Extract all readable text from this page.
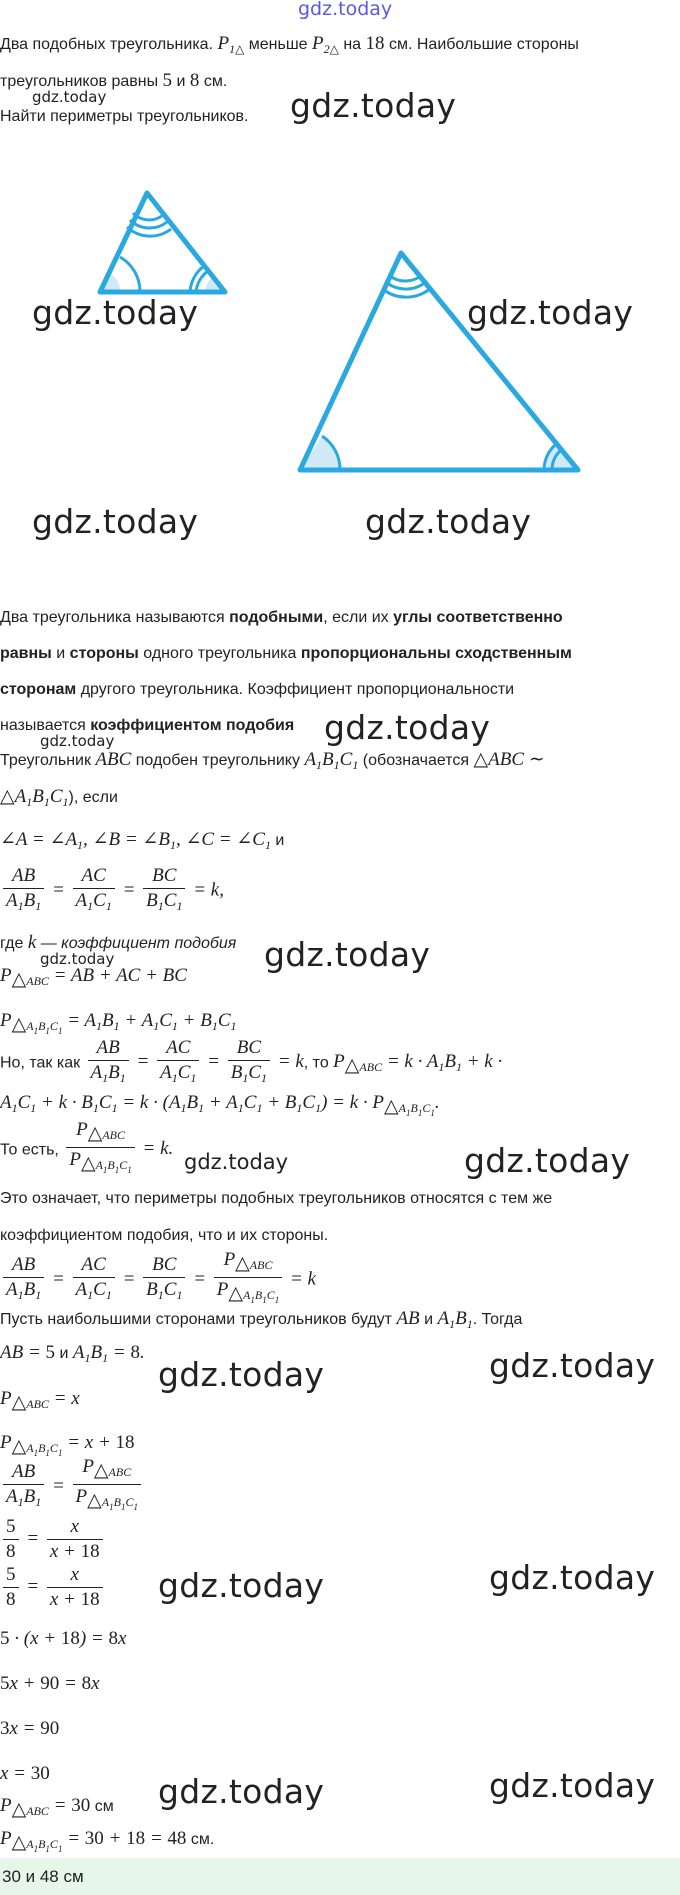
gdz.today
Два подобных треугольника. $P_{1\triangle}$ меньше $P_{2\triangle}$ на 18 см. Наибольшие стороны
треугольников равны 5 и 8 см.
gdz.today
Найти периметры треугольников. gdz.today
gdz.today	gdz.today
gdz.today	gdz.today
Два треугольника называются подобными, если их углы соответственно
равны и стороны одного треугольника пропорциональны сходственным
сторонам другого треугольника. Коэффициент пропорциональности
называется коэффициентом подобия
gdz.today	gdz.today
Треугольник ABC подобен треугольнику $A_1B_1C_1$ (обозначается △ABC ∼
$\triangle A_1B_1C_1$), если
∠A = $\angle A_1$, ∠B = $\angle B_1$, ∠C = $\angle C_1$ и
$\frac{AB}{A_1B_1} = \frac{AC}{A_1C_1} = \frac{BC}{B_1C_1} = k$,
где k — коэффициент подобия
gdz.today	gdz.today
$P_{\triangle ABC}$ = AB + AC + BC
$P_{\triangle A_1B_1C_1} = A_1B_1 + A_1C_1 + B_1C_1$
Но, так как $\frac{AB}{A_1B_1} = \frac{AC}{A_1C_1} = \frac{BC}{B_1C_1} = k$, то $P_{\triangle ABC} = k \cdot A_1B_1 + k$ ·
$A_1C_1 + k \cdot B_1C_1 = k \cdot (A_1B_1 + A_1C_1 + B_1C_1) = k \cdot P_{\triangle A_1B_1C_1}$.
То есть, $\frac{P_{\triangle ABC}}{P_{\triangle A_1B_1C_1}} = k$.
gdz.today	gdz.today
Это означает, что периметры подобных треугольников относятся с тем же
коэффициентом подобия, что и их стороны.
$\frac{AB}{A_1B_1} = \frac{AC}{A_1C_1} = \frac{BC}{B_1C_1} = \frac{P_{\triangle ABC}}{P_{\triangle A_1B_1C_1}} = k$
Пусть наибольшими сторонами треугольников будут AB и $A_1B_1$. Тогда
AB = 5 и $A_1B_1 = 8$.
gdz.today	gdz.today
$P_{\triangle ABC} = x$
$P_{\triangle A_1B_1C_1} = x + 18$
$\frac{AB}{A_1B_1} = \frac{P_{\triangle ABC}}{P_{\triangle A_1B_1C_1}}$
$\frac{5}{8} = \frac{x}{x + 18}$
$\frac{5}{8} = \frac{x}{x + 18}$ gdz.today	gdz.today
5 · (x + 18) = 8x
5x + 90 = 8x
3x = 90
x = 30	gdz.today	gdz.today
$P_{\triangle ABC} = 30$ см
$P_{\triangle A_1B_1C_1} = 30 + 18 = 48$ см.
30 и 48 см
